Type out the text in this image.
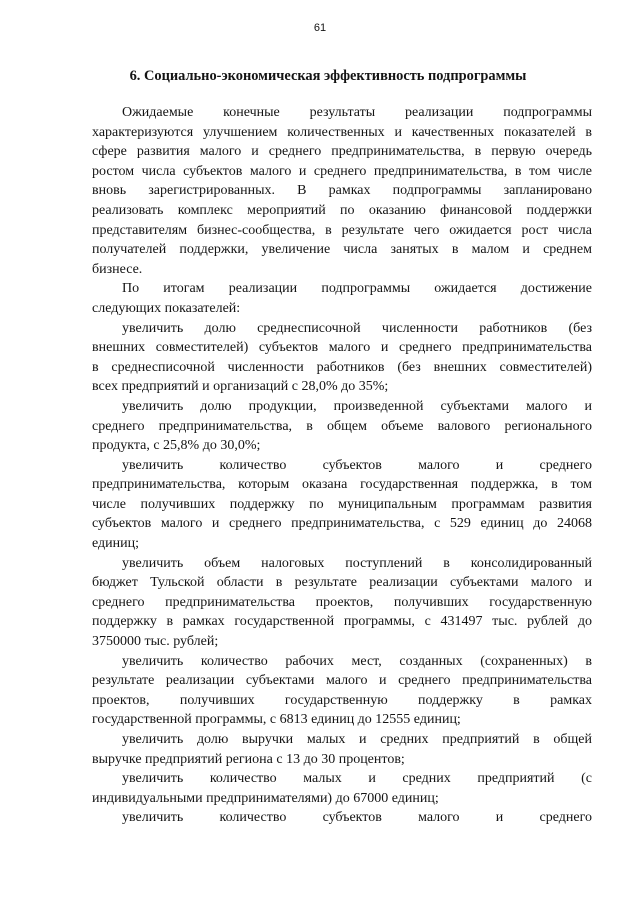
61
6. Социально-экономическая эффективность подпрограммы
Ожидаемые конечные результаты реализации подпрограммы
характеризуются улучшением количественных и качественных показателей в
сфере развития малого и среднего предпринимательства, в первую очередь
ростом числа субъектов малого и среднего предпринимательства, в том числе
вновь зарегистрированных. В рамках подпрограммы запланировано
реализовать комплекс мероприятий по оказанию финансовой поддержки
представителям бизнес-сообщества, в результате чего ожидается рост числа
получателей поддержки, увеличение числа занятых в малом и среднем
бизнесе.
По итогам реализации подпрограммы ожидается достижение
следующих показателей:
увеличить долю среднесписочной численности работников (без
внешних совместителей) субъектов малого и среднего предпринимательства
в среднесписочной численности работников (без внешних совместителей)
всех предприятий и организаций с 28,0% до 35%;
увеличить долю продукции, произведенной субъектами малого и
среднего предпринимательства, в общем объеме валового регионального
продукта, с 25,8% до 30,0%;
увеличить количество субъектов малого и среднего
предпринимательства, которым оказана государственная поддержка, в том
числе получивших поддержку по муниципальным программам развития
субъектов малого и среднего предпринимательства, с 529 единиц до 24068
единиц;
увеличить объем налоговых поступлений в консолидированный
бюджет Тульской области в результате реализации субъектами малого и
среднего предпринимательства проектов, получивших государственную
поддержку в рамках государственной программы, с 431497 тыс. рублей до
3750000 тыс. рублей;
увеличить количество рабочих мест, созданных (сохраненных) в
результате реализации субъектами малого и среднего предпринимательства
проектов, получивших государственную поддержку в рамках
государственной программы, с 6813 единиц до 12555 единиц;
увеличить долю выручки малых и средних предприятий в общей
выручке предприятий региона с 13 до 30 процентов;
увеличить количество малых и средних предприятий (с
индивидуальными предпринимателями) до 67000 единиц;
увеличить количество субъектов малого и среднего
